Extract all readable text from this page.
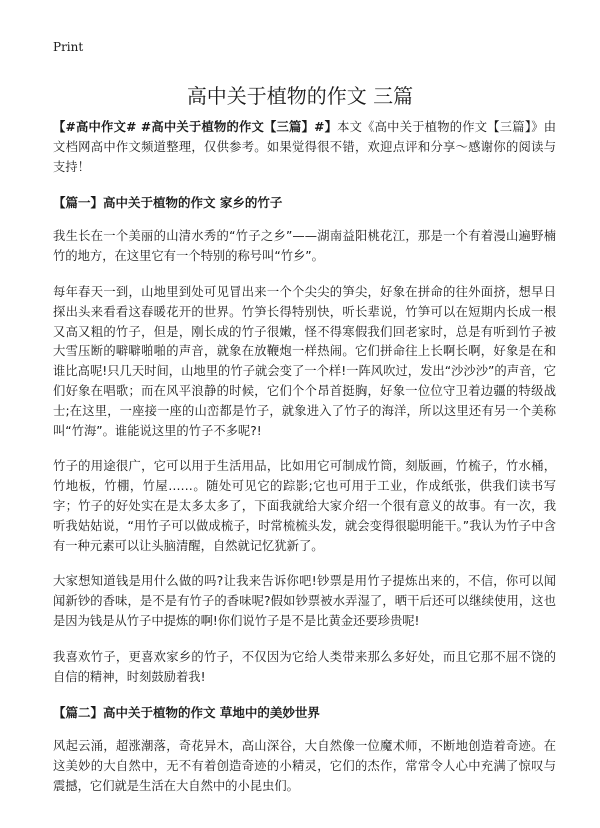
Print
高中关于植物的作文 三篇

【#高中作文# #高中关于植物的作文【三篇】#】本文《高中关于植物的作文【三篇】》由文档网高中作文频道整理，仅供参考。如果觉得很不错，欢迎点评和分享～感谢你的阅读与支持！

【篇一】高中关于植物的作文 家乡的竹子

我生长在一个美丽的山清水秀的“竹子之乡”——湖南益阳桃花江，那是一个有着漫山遍野楠竹的地方，在这里它有一个特别的称号叫“竹乡”。

每年春天一到，山地里到处可见冒出来一个个尖尖的笋尖，好象在拼命的往外面挤，想早日探出头来看看这春暖花开的世界。竹笋长得特别快，听长辈说，竹笋可以在短期内长成一根又高又粗的竹子，但是，刚长成的竹子很嫩，怪不得寒假我们回老家时，总是有听到竹子被大雪压断的噼噼啪啪的声音，就象在放鞭炮一样热闹。它们拼命往上长啊长啊，好象是在和谁比高呢!只几天时间，山地里的竹子就会变了一个样!一阵风吹过，发出“沙沙沙”的声音，它们好象在唱歌；而在风平浪静的时候，它们个个昂首挺胸，好象一位位守卫着边疆的特级战士;在这里，一座接一座的山峦都是竹子，就象进入了竹子的海洋，所以这里还有另一个美称叫“竹海”。谁能说这里的竹子不多呢?!

竹子的用途很广，它可以用于生活用品，比如用它可制成竹筒，刻版画，竹梳子，竹水桶，竹地板，竹棚，竹屋……。随处可见它的踪影;它也可用于工业，作成纸张，供我们读书写字；竹子的好处实在是太多太多了，下面我就给大家介绍一个很有意义的故事。有一次，我听我姑姑说，“用竹子可以做成梳子，时常梳梳头发，就会变得很聪明能干。”我认为竹子中含有一种元素可以让头脑清醒，自然就记忆犹新了。

大家想知道钱是用什么做的吗?让我来告诉你吧!钞票是用竹子提炼出来的，不信，你可以闻闻新钞的香味，是不是有竹子的香味呢?假如钞票被水弄湿了，晒干后还可以继续使用，这也是因为钱是从竹子中提炼的啊!你们说竹子是不是比黄金还要珍贵呢!

我喜欢竹子，更喜欢家乡的竹子，不仅因为它给人类带来那么多好处，而且它那不屈不饶的自信的精神，时刻鼓励着我!

【篇二】高中关于植物的作文 草地中的美妙世界

风起云涌，超涨潮落，奇花异木，高山深谷，大自然像一位魔术师，不断地创造着奇迹。在这美妙的大自然中，无不有着创造奇迹的小精灵，它们的杰作，常常令人心中充满了惊叹与震撼，它们就是生活在大自然中的小昆虫们。
